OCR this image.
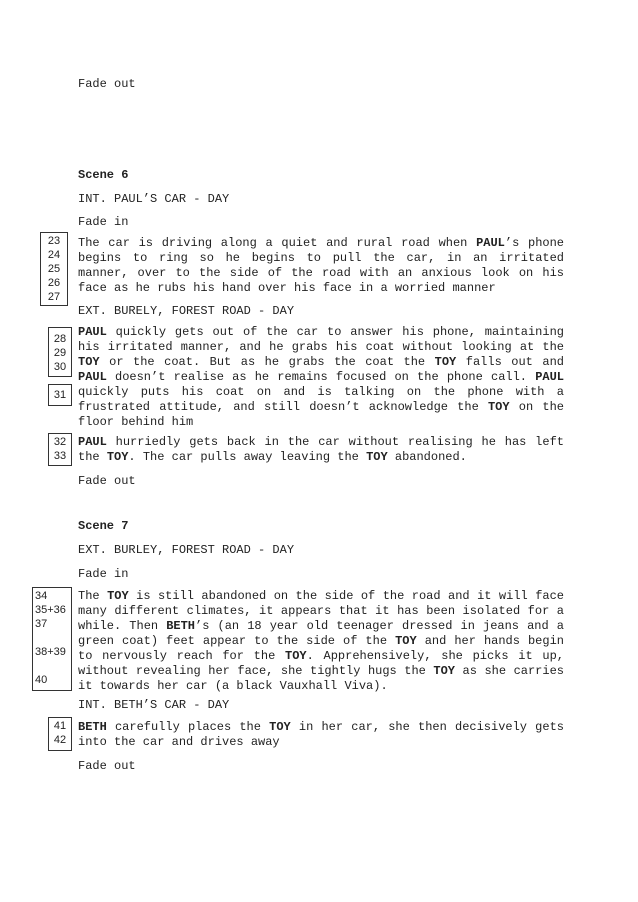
Fade out

Scene 6

INT. PAUL’S CAR - DAY

Fade in

23
24
25
26
27

The car is driving along a quiet and rural road when PAUL’s phone begins to ring so he begins to pull the car, in an irritated manner, over to the side of the road with an anxious look on his face as he rubs his hand over his face in a worried manner

EXT. BURELY, FOREST ROAD - DAY

28
29
30
31

PAUL quickly gets out of the car to answer his phone, maintaining his irritated manner, and he grabs his coat without looking at the TOY or the coat. But as he grabs the coat the TOY falls out and PAUL doesn’t realise as he remains focused on the phone call. PAUL quickly puts his coat on and is talking on the phone with a frustrated attitude, and still doesn’t acknowledge the TOY on the floor behind him

32
33

PAUL hurriedly gets back in the car without realising he has left the TOY. The car pulls away leaving the TOY abandoned.

Fade out

Scene 7

EXT. BURLEY, FOREST ROAD - DAY

Fade in

34
35+36
37
38+39
40

The TOY is still abandoned on the side of the road and it will face many different climates, it appears that it has been isolated for a while. Then BETH’s (an 18 year old teenager dressed in jeans and a green coat) feet appear to the side of the TOY and her hands begin to nervously reach for the TOY. Apprehensively, she picks it up, without revealing her face, she tightly hugs the TOY as she carries it towards her car (a black Vauxhall Viva).

INT. BETH’S CAR - DAY

41
42

BETH carefully places the TOY in her car, she then decisively gets into the car and drives away

Fade out
